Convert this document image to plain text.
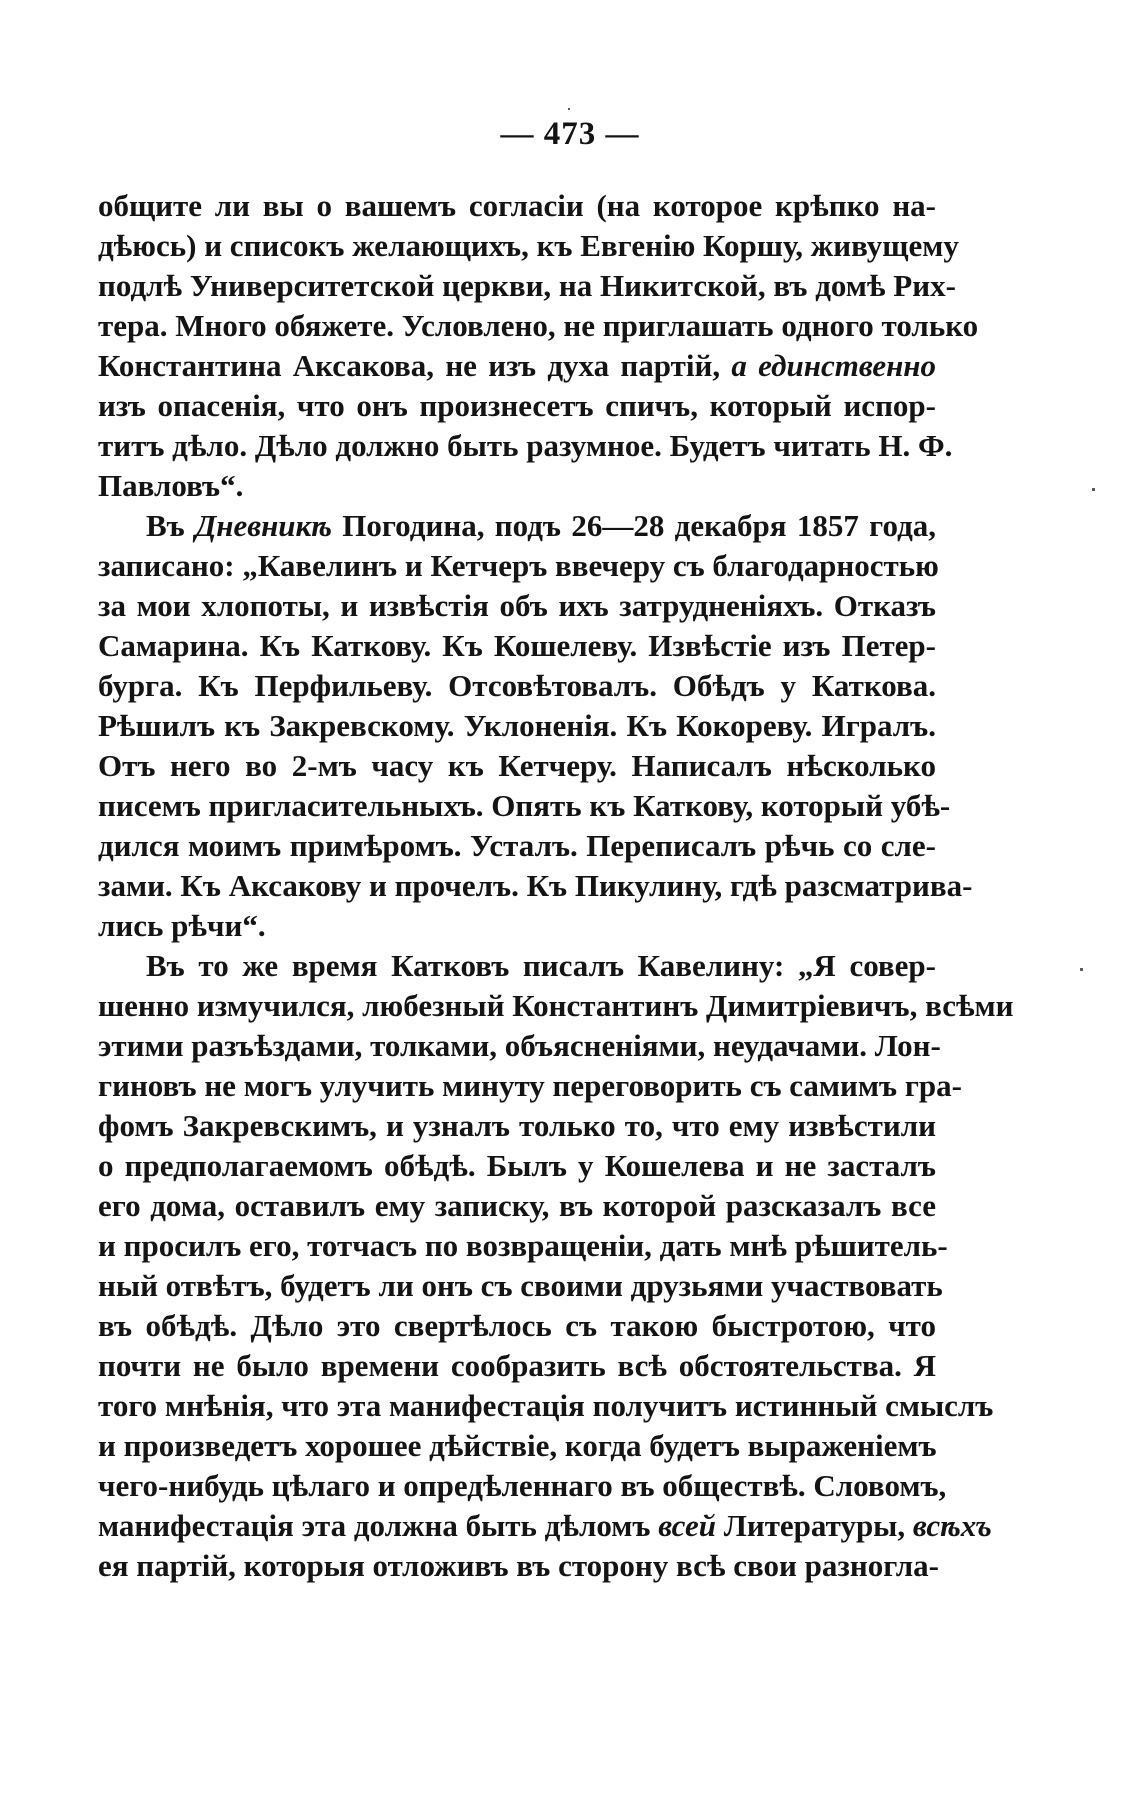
— 473 —
общите ли вы о вашемъ согласіи (на которое крѣпко на-
дѣюсь) и списокъ желающихъ, къ Евгенію Коршу, живущему
подлѣ Университетской церкви, на Никитской, въ домѣ Рих-
тера. Много обяжете. Условлено, не приглашать одного только
Константина Аксакова, не изъ духа партій, а единственно
изъ опасенія, что онъ произнесетъ спичъ, который испор-
титъ дѣло. Дѣло должно быть разумное. Будетъ читать Н. Ф.
Павловъ“.
Въ Дневникѣ Погодина, подъ 26—28 декабря 1857 года,
записано: „Кавелинъ и Кетчеръ ввечеру съ благодарностью
за мои хлопоты, и извѣстія объ ихъ затрудненіяхъ. Отказъ
Самарина. Къ Каткову. Къ Кошелеву. Извѣстіе изъ Петер-
бурга. Къ Перфильеву. Отсовѣтовалъ. Обѣдъ у Каткова.
Рѣшилъ къ Закревскому. Уклоненія. Къ Кокореву. Игралъ.
Отъ него во 2-мъ часу къ Кетчеру. Написалъ нѣсколько
писемъ пригласительныхъ. Опять къ Каткову, который убѣ-
дился моимъ примѣромъ. Усталъ. Переписалъ рѣчь со сле-
зами. Къ Аксакову и прочелъ. Къ Пикулину, гдѣ разсматрива-
лись рѣчи“.
Въ то же время Катковъ писалъ Кавелину: „Я совер-
шенно измучился, любезный Константинъ Димитріевичъ, всѣми
этими разъѣздами, толками, объясненіями, неудачами. Лон-
гиновъ не могъ улучить минуту переговорить съ самимъ гра-
фомъ Закревскимъ, и узналъ только то, что ему извѣстили
о предполагаемомъ обѣдѣ. Былъ у Кошелева и не засталъ
его дома, оставилъ ему записку, въ которой разсказалъ все
и просилъ его, тотчасъ по возвращеніи, дать мнѣ рѣшитель-
ный отвѣтъ, будетъ ли онъ съ своими друзьями участвовать
въ обѣдѣ. Дѣло это свертѣлось съ такою быстротою, что
почти не было времени сообразить всѣ обстоятельства. Я
того мнѣнія, что эта манифестація получитъ истинный смыслъ
и произведетъ хорошее дѣйствіе, когда будетъ выраженіемъ
чего-нибудь цѣлаго и опредѣленнаго въ обществѣ. Словомъ,
манифестація эта должна быть дѣломъ всей Литературы, всѣхъ
ея партій, которыя отложивъ въ сторону всѣ свои разногла-
